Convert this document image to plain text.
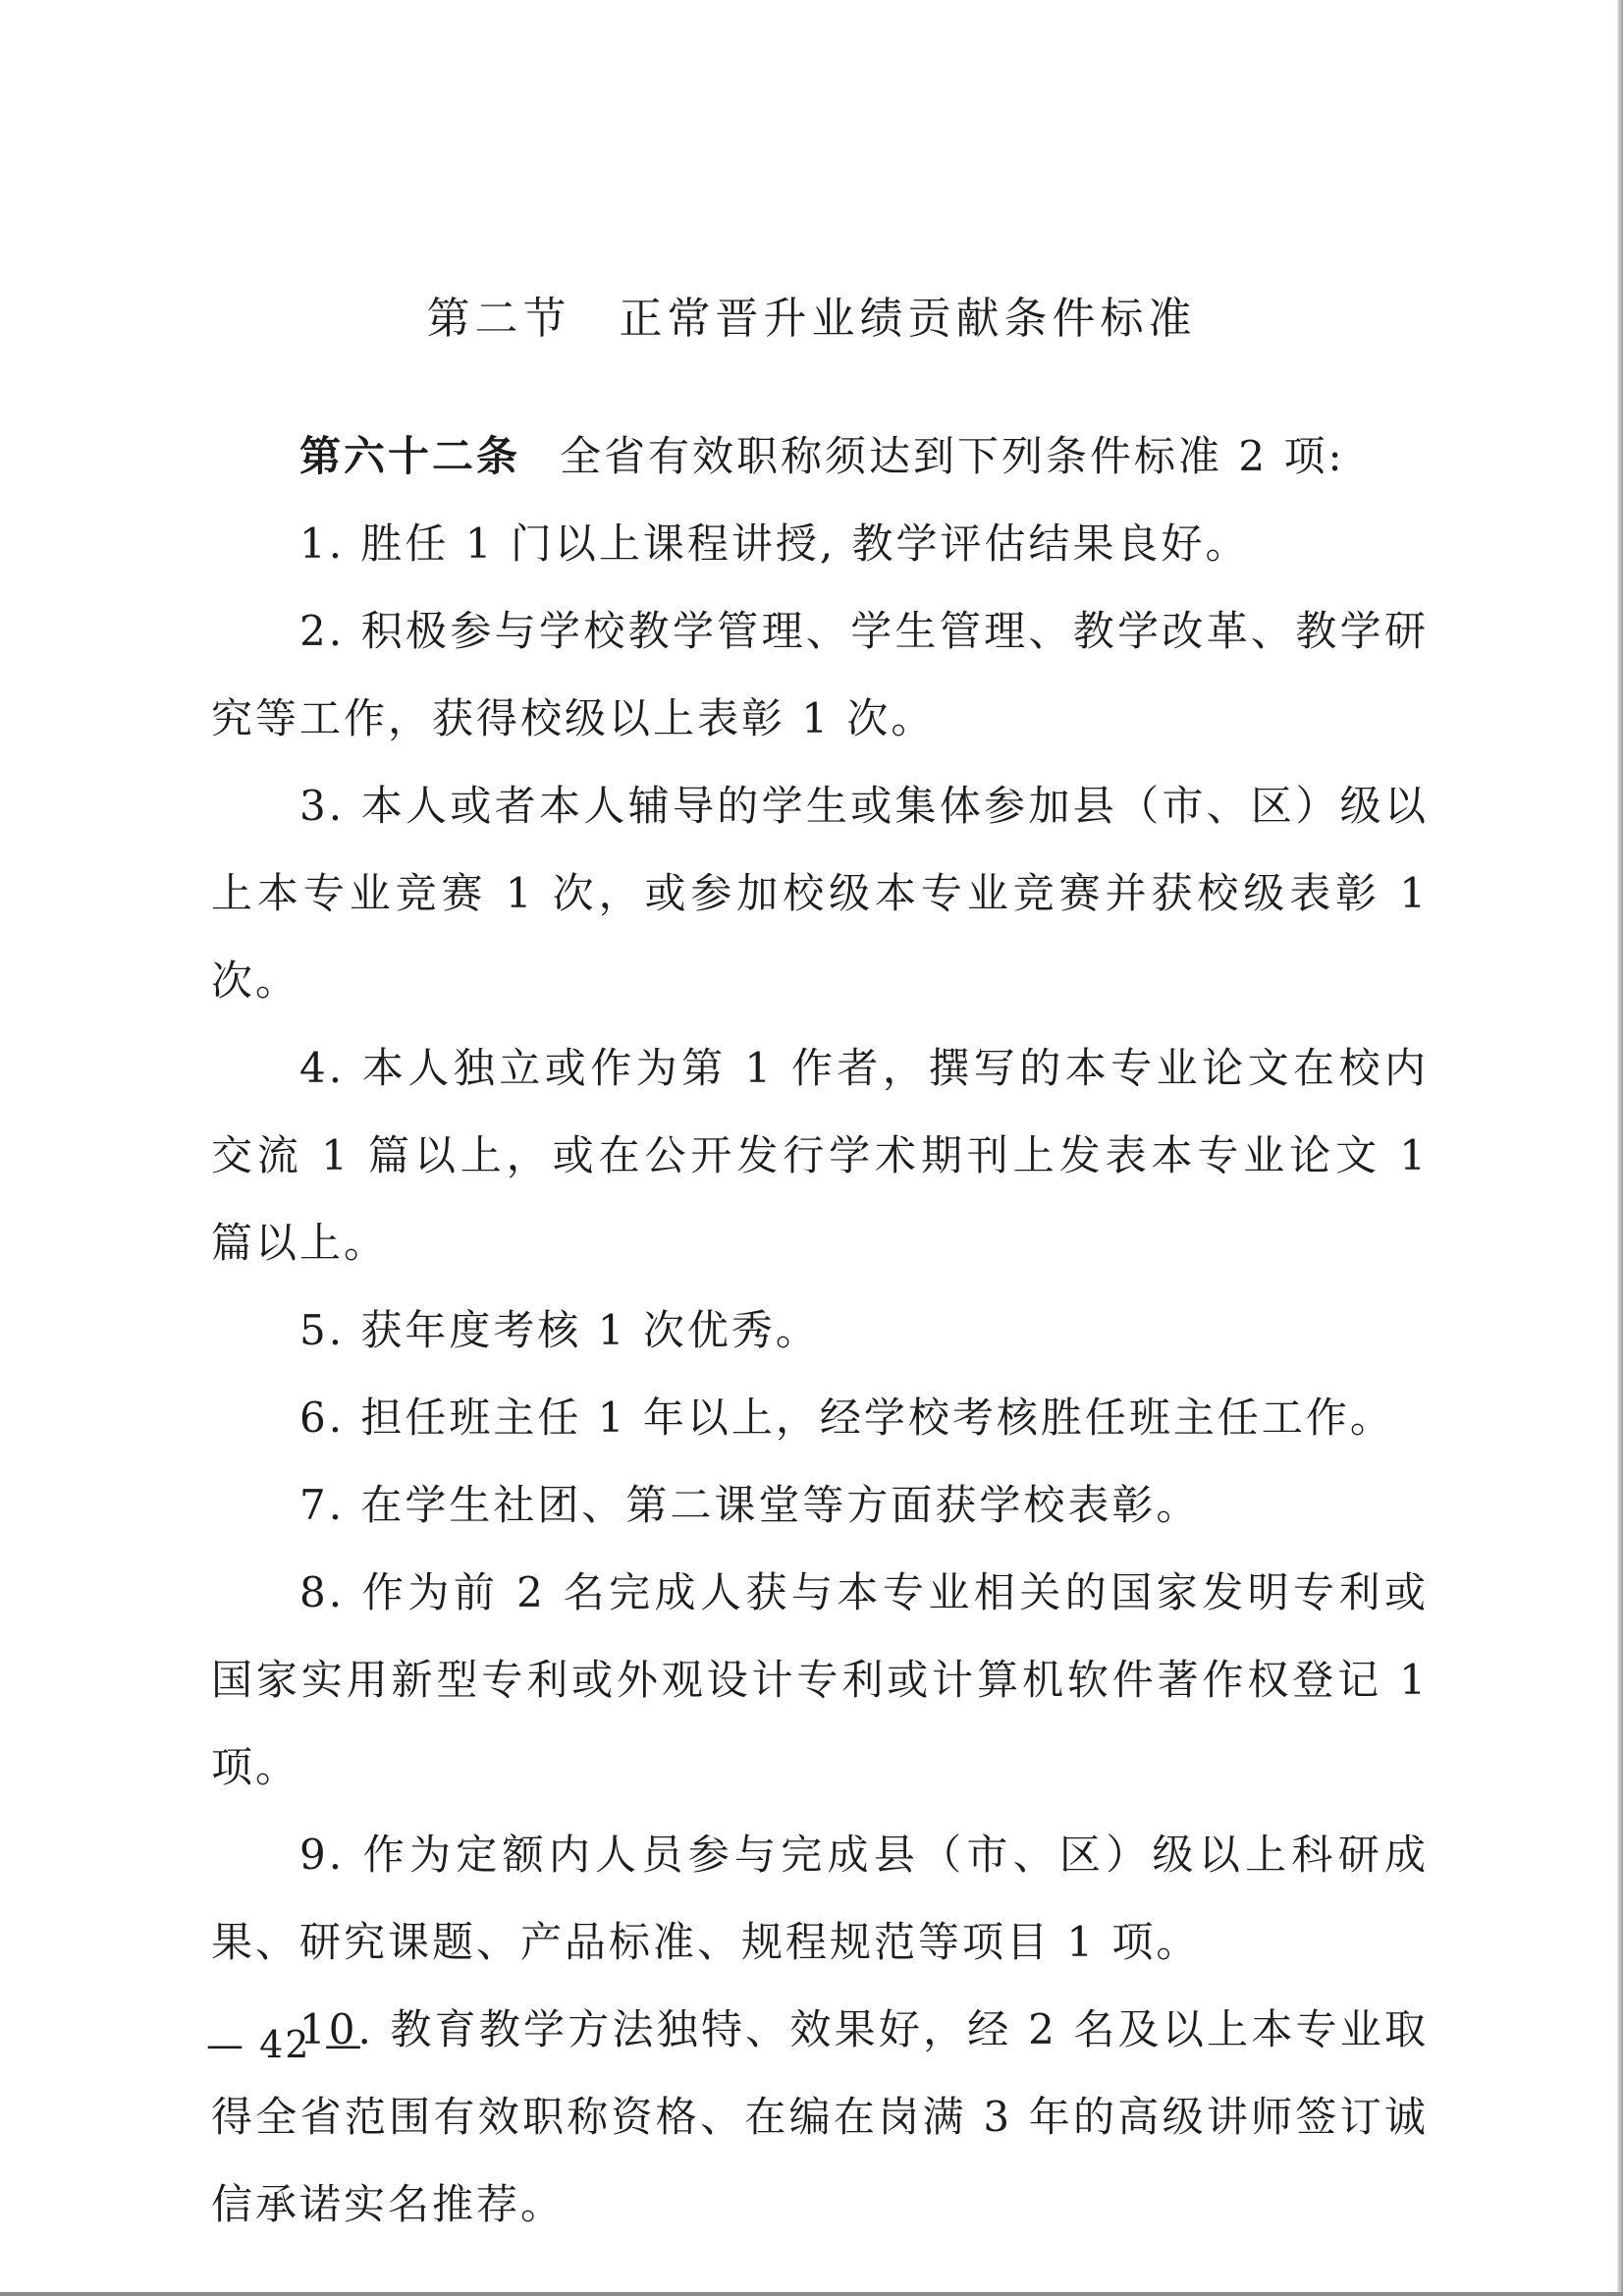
第二节　正常晋升业绩贡献条件标准

第六十二条 全省有效职称须达到下列条件标准 2 项:

1. 胜任 1 门以上课程讲授, 教学评估结果良好。

2. 积极参与学校教学管理、学生管理、教学改革、教学研究等工作，获得校级以上表彰 1 次。

3. 本人或者本人辅导的学生或集体参加县（市、区）级以上本专业竞赛 1 次，或参加校级本专业竞赛并获校级表彰 1 次。

4. 本人独立或作为第 1 作者，撰写的本专业论文在校内交流 1 篇以上，或在公开发行学术期刊上发表本专业论文 1 篇以上。

5. 获年度考核 1 次优秀。

6. 担任班主任 1 年以上，经学校考核胜任班主任工作。

7. 在学生社团、第二课堂等方面获学校表彰。

8. 作为前 2 名完成人获与本专业相关的国家发明专利或国家实用新型专利或外观设计专利或计算机软件著作权登记 1 项。

9. 作为定额内人员参与完成县（市、区）级以上科研成果、研究课题、产品标准、规程规范等项目 1 项。

10. 教育教学方法独特、效果好，经 2 名及以上本专业取得全省范围有效职称资格、在编在岗满 3 年的高级讲师签订诚信承诺实名推荐。

— 42 —
